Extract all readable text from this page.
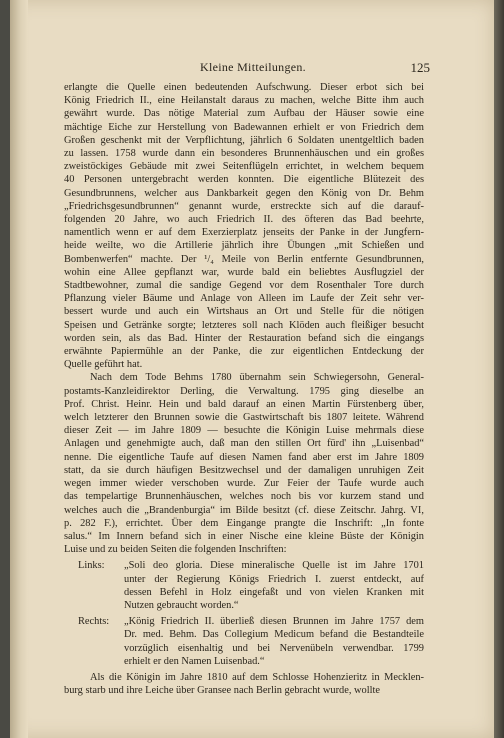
Kleine Mitteilungen.	125
erlangte die Quelle einen bedeutenden Aufschwung. Dieser erbot sich bei
König Friedrich II., eine Heilanstalt daraus zu machen, welche Bitte ihm auch
gewährt wurde. Das nötige Material zum Aufbau der Häuser sowie eine
mächtige Eiche zur Herstellung von Badewannen erhielt er von Friedrich dem
Großen geschenkt mit der Verpflichtung, jährlich 6 Soldaten unentgeltlich baden
zu lassen. 1758 wurde dann ein besonderes Brunnenhäuschen und ein großes
zweistöckiges Gebäude mit zwei Seitenflügeln errichtet, in welchem bequem
40 Personen untergebracht werden konnten. Die eigentliche Blütezeit des
Gesundbrunnens, welcher aus Dankbarkeit gegen den König von Dr. Behm
„Friedrichsgesundbrunnen“ genannt wurde, erstreckte sich auf die darauf-
folgenden 20 Jahre, wo auch Friedrich II. des öfteren das Bad beehrte,
namentlich wenn er auf dem Exerzierplatz jenseits der Panke in der Jungfern-
heide weilte, wo die Artillerie jährlich ihre Übungen „mit Schießen und
Bombenwerfen“ machte. Der ¹/₄ Meile von Berlin entfernte Gesundbrunnen,
wohin eine Allee gepflanzt war, wurde bald ein beliebtes Ausflugziel der
Stadtbewohner, zumal die sandige Gegend vor dem Rosenthaler Tore durch
Pflanzung vieler Bäume und Anlage von Alleen im Laufe der Zeit sehr ver-
bessert wurde und auch ein Wirtshaus an Ort und Stelle für die nötigen
Speisen und Getränke sorgte; letzteres soll nach Klöden auch fleißiger besucht
worden sein, als das Bad. Hinter der Restauration befand sich die eingangs
erwähnte Papiermühle an der Panke, die zur eigentlichen Entdeckung der
Quelle geführt hat.
Nach dem Tode Behms 1780 übernahm sein Schwiegersohn, General-
postamts-Kanzleidirektor Derling, die Verwaltung. 1795 ging dieselbe an
Prof. Christ. Heinr. Hein und bald darauf an einen Martin Fürstenberg über,
welch letzterer den Brunnen sowie die Gastwirtschaft bis 1807 leitete. Während
dieser Zeit — im Jahre 1809 — besuchte die Königin Luise mehrmals diese
Anlagen und genehmigte auch, daß man den stillen Ort fürd' ihn „Luisenbad“
nenne. Die eigentliche Taufe auf diesen Namen fand aber erst im Jahre 1809
statt, da sie durch häufigen Besitzwechsel und der damaligen unruhigen Zeit
wegen immer wieder verschoben wurde. Zur Feier der Taufe wurde auch
das tempelartige Brunnenhäuschen, welches noch bis vor kurzem stand und
welches auch die „Brandenburgia“ im Bilde besitzt (cf. diese Zeitschr. Jahrg. VI,
p. 282 F.), errichtet. Über dem Eingange prangte die Inschrift: „In fonte
salus.“ Im Innern befand sich in einer Nische eine kleine Büste der Königin
Luise und zu beiden Seiten die folgenden Inschriften:
Links:	„Soli deo gloria. Diese mineralische Quelle ist im Jahre 1701
unter der Regierung Königs Friedrich I. zuerst entdeckt, auf
dessen Befehl in Holz eingefaßt und von vielen Kranken mit
Nutzen gebraucht worden.“
Rechts:	„König Friedrich II. überließ diesen Brunnen im Jahre 1757 dem
Dr. med. Behm. Das Collegium Medicum befand die Bestandteile
vorzüglich eisenhaltig und bei Nervenübeln verwendbar. 1799
erhielt er den Namen Luisenbad.“
Als die Königin im Jahre 1810 auf dem Schlosse Hohenzieritz in Mecklen-
burg starb und ihre Leiche über Gransee nach Berlin gebracht wurde, wollte
